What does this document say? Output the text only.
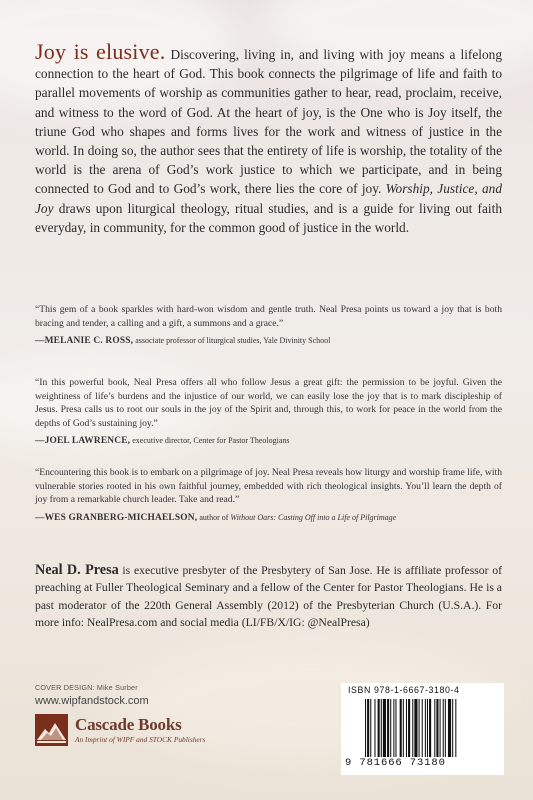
Joy is elusive. Discovering, living in, and living with joy means a lifelong connection to the heart of God. This book connects the pilgrimage of life and faith to parallel movements of worship as communities gather to hear, read, proclaim, receive, and witness to the word of God. At the heart of joy, is the One who is Joy itself, the triune God who shapes and forms lives for the work and witness of justice in the world. In doing so, the author sees that the entirety of life is worship, the totality of the world is the arena of God’s work justice to which we participate, and in being connected to God and to God’s work, there lies the core of joy. Worship, Justice, and Joy draws upon liturgical theology, ritual studies, and is a guide for living out faith everyday, in community, for the common good of justice in the world.

“This gem of a book sparkles with hard-won wisdom and gentle truth. Neal Presa points us toward a joy that is both bracing and tender, a calling and a gift, a summons and a grace.”
—MELANIE C. ROSS, associate professor of liturgical studies, Yale Divinity School
“In this powerful book, Neal Presa offers all who follow Jesus a great gift: the permission to be joyful. Given the weightiness of life’s burdens and the injustice of our world, we can easily lose the joy that is to mark discipleship of Jesus. Presa calls us to root our souls in the joy of the Spirit and, through this, to work for peace in the world from the depths of God’s sustaining joy.”
—JOEL LAWRENCE, executive director, Center for Pastor Theologians
“Encountering this book is to embark on a pilgrimage of joy. Neal Presa reveals how liturgy and worship frame life, with vulnerable stories rooted in his own faithful journey, embedded with rich theological insights. You’ll learn the depth of joy from a remarkable church leader. Take and read.”
—WES GRANBERG-MICHAELSON, author of Without Oars: Casting Off into a Life of Pilgrimage

Neal D. Presa is executive presbyter of the Presbytery of San Jose. He is affiliate professor of preaching at Fuller Theological Seminary and a fellow of the Center for Pastor Theologians. He is a past moderator of the 220th General Assembly (2012) of the Presbyterian Church (U.S.A.). For more info: NealPresa.com and social media (LI/FB/X/IG: @NealPresa)

COVER DESIGN: Mike Surber
www.wipfandstock.com
Cascade Books
An Imprint of WIPF and STOCK Publishers
ISBN 978-1-6667-3180-4
9 781666 73180
